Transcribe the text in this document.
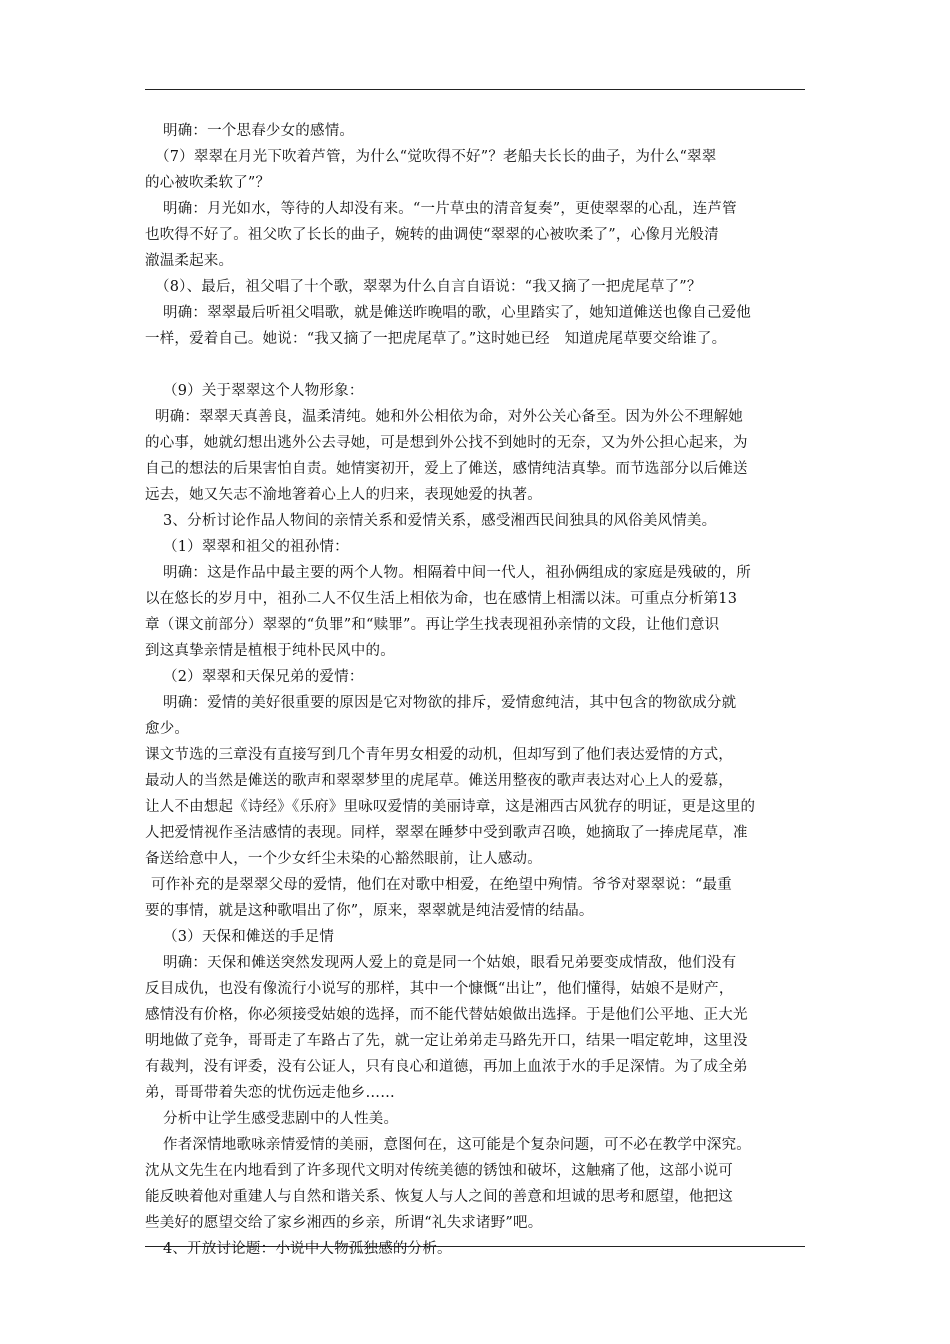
明确：一个思春少女的感情。
（7）翠翠在月光下吹着芦管，为什么“觉吹得不好”？老船夫长长的曲子，为什么“翠翠
的心被吹柔软了”？
明确：月光如水，等待的人却没有来。“一片草虫的清音复奏”，更使翠翠的心乱，连芦管
也吹得不好了。祖父吹了长长的曲子，婉转的曲调使“翠翠的心被吹柔了”，心像月光般清
澈温柔起来。
（8）、最后，祖父唱了十个歌，翠翠为什么自言自语说：“我又摘了一把虎尾草了”？
明确：翠翠最后听祖父唱歌，就是傩送昨晚唱的歌，心里踏实了，她知道傩送也像自己爱他
一样，爱着自己。她说：“我又摘了一把虎尾草了。”这时她已经　知道虎尾草要交给谁了。
（9）关于翠翠这个人物形象：
明确：翠翠天真善良，温柔清纯。她和外公相依为命，对外公关心备至。因为外公不理解她
的心事，她就幻想出逃外公去寻她，可是想到外公找不到她时的无奈，又为外公担心起来，为
自己的想法的后果害怕自责。她情窦初开，爱上了傩送，感情纯洁真挚。而节选部分以后傩送
远去，她又矢志不渝地箸着心上人的归来，表现她爱的执著。
3、分析讨论作品人物间的亲情关系和爱情关系，感受湘西民间独具的风俗美风情美。
（1）翠翠和祖父的祖孙情：
明确：这是作品中最主要的两个人物。相隔着中间一代人，祖孙俩组成的家庭是残破的，所
以在悠长的岁月中，祖孙二人不仅生活上相依为命，也在感情上相濡以沫。可重点分析第13
章（课文前部分）翠翠的“负罪”和“赎罪”。再让学生找表现祖孙亲情的文段，让他们意识
到这真挚亲情是植根于纯朴民风中的。
（2）翠翠和天保兄弟的爱情：
明确：爱情的美好很重要的原因是它对物欲的排斥，爱情愈纯洁，其中包含的物欲成分就
愈少。
课文节选的三章没有直接写到几个青年男女相爱的动机，但却写到了他们表达爱情的方式，
最动人的当然是傩送的歌声和翠翠梦里的虎尾草。傩送用整夜的歌声表达对心上人的爱慕，
让人不由想起《诗经》《乐府》里咏叹爱情的美丽诗章，这是湘西古风犹存的明证，更是这里的
人把爱情视作圣洁感情的表现。同样，翠翠在睡梦中受到歌声召唤，她摘取了一捧虎尾草，准
备送给意中人，一个少女纤尘未染的心豁然眼前，让人感动。
可作补充的是翠翠父母的爱情，他们在对歌中相爱，在绝望中殉情。爷爷对翠翠说：“最重
要的事情，就是这种歌唱出了你”，原来，翠翠就是纯洁爱情的结晶。
（3）天保和傩送的手足情
明确：天保和傩送突然发现两人爱上的竟是同一个姑娘，眼看兄弟要变成情敌，他们没有
反目成仇，也没有像流行小说写的那样，其中一个慷慨“出让”，他们懂得，姑娘不是财产，
感情没有价格，你必须接受姑娘的选择，而不能代替姑娘做出选择。于是他们公平地、正大光
明地做了竞争，哥哥走了车路占了先，就一定让弟弟走马路先开口，结果一唱定乾坤，这里没
有裁判，没有评委，没有公证人，只有良心和道德，再加上血浓于水的手足深情。为了成全弟
弟，哥哥带着失恋的忧伤远走他乡……
分析中让学生感受悲剧中的人性美。
作者深情地歌咏亲情爱情的美丽，意图何在，这可能是个复杂问题，可不必在教学中深究。
沈从文先生在内地看到了许多现代文明对传统美德的锈蚀和破坏，这触痛了他，这部小说可
能反映着他对重建人与自然和谐关系、恢复人与人之间的善意和坦诚的思考和愿望，他把这
些美好的愿望交给了家乡湘西的乡亲，所谓“礼失求诸野”吧。
4、开放讨论题：小说中人物孤独感的分析。
